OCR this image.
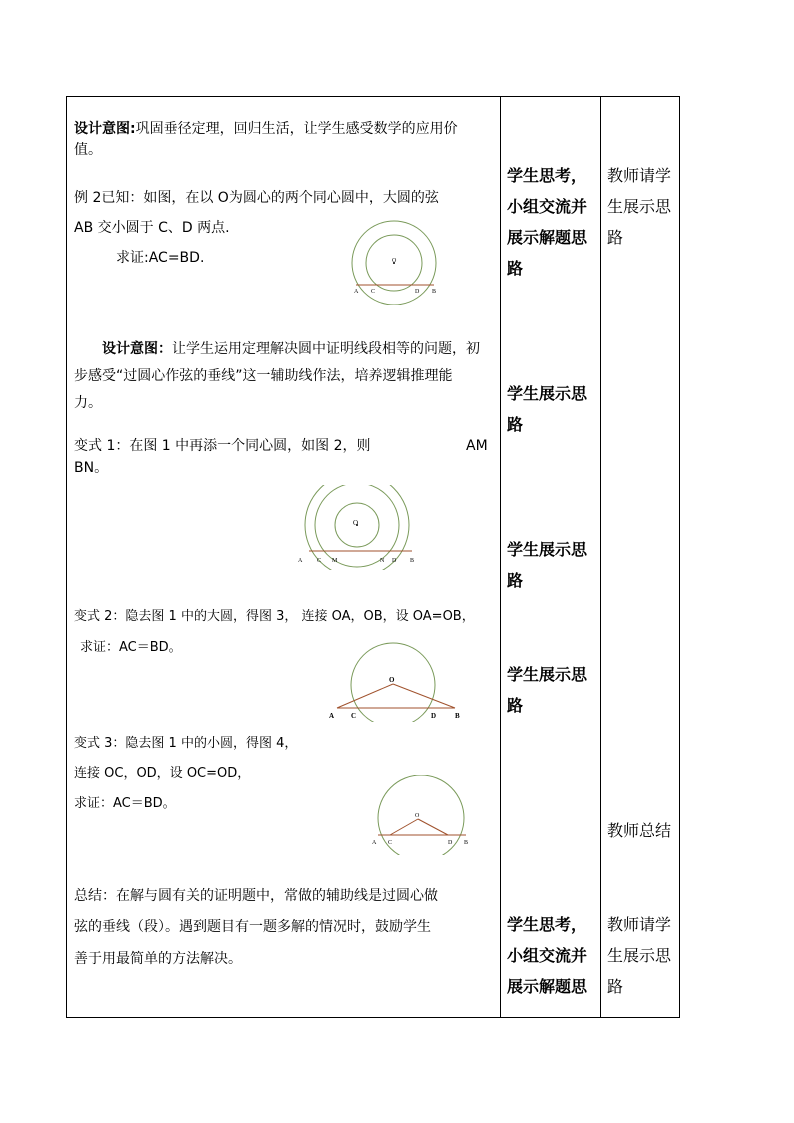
设计意图:巩固垂径定理，回归生活，让学生感受数学的应用价
值。
例 2已知：如图，在以 O为圆心的两个同心圆中，大圆的弦
AB 交小圆于 C、D 两点.
求证:AC=BD.
设计意图：让学生运用定理解决圆中证明线段相等的问题，初
步感受“过圆心作弦的垂线”这一辅助线作法，培养逻辑推理能
力。
变式 1：在图 1 中再添一个同心圆，如图 2，则	AM
BN。
变式 2：隐去图 1 中的大圆，得图 3， 连接 OA，OB，设 OA=OB，
求证：AC＝BD。
变式 3：隐去图 1 中的小圆，得图 4，
连接 OC，OD，设 OC=OD，
求证：AC＝BD。
总结：在解与圆有关的证明题中，常做的辅助线是过圆心做
弦的垂线（段）。遇到题目有一题多解的情况时，鼓励学生
善于用最简单的方法解决。
O
A C	D B
O
A C M	N D B
O
A C	D	B
O
A C	D B
学生思考，
小组交流并
展示解题思
路
学生展示思
路
学生展示思
路
学生展示思
路
学生思考，
小组交流并
展示解题思
教师请学
生展示思
路
教师总结
教师请学
生展示思
路
